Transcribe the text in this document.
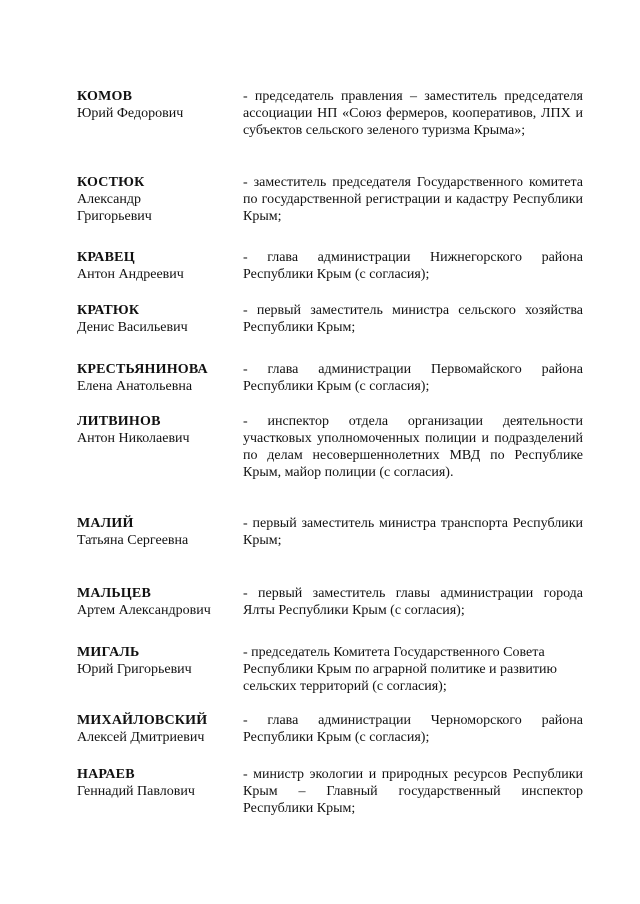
КОМОВ
Юрий Федорович
- председатель правления – заместитель председателя ассоциации НП «Союз фермеров, кооперативов, ЛПХ и субъектов сельского зеленого туризма Крыма»;
КОСТЮК
Александр Григорьевич
- заместитель председателя Государственного комитета по государственной регистрации и кадастру Республики Крым;
КРАВЕЦ
Антон Андреевич
- глава администрации Нижнегорского района Республики Крым (с согласия);
КРАТЮК
Денис Васильевич
- первый заместитель министра сельского хозяйства Республики Крым;
КРЕСТЬЯНИНОВА
Елена Анатольевна
- глава администрации Первомайского района Республики Крым (с согласия);
ЛИТВИНОВ
Антон Николаевич
- инспектор отдела организации деятельности участковых уполномоченных полиции и подразделений по делам несовершеннолетних МВД по Республике Крым, майор полиции (с согласия).
МАЛИЙ
Татьяна Сергеевна
- первый заместитель министра транспорта Республики Крым;
МАЛЬЦЕВ
Артем Александрович
- первый заместитель главы администрации города Ялты Республики Крым (с согласия);
МИГАЛЬ
Юрий Григорьевич
- председатель Комитета Государственного Совета Республики Крым по аграрной политике и развитию сельских территорий (с согласия);
МИХАЙЛОВСКИЙ
Алексей Дмитриевич
- глава администрации Черноморского района Республики Крым (с согласия);
НАРАЕВ
Геннадий Павлович
- министр экологии и природных ресурсов Республики Крым – Главный государственный инспектор Республики Крым;
